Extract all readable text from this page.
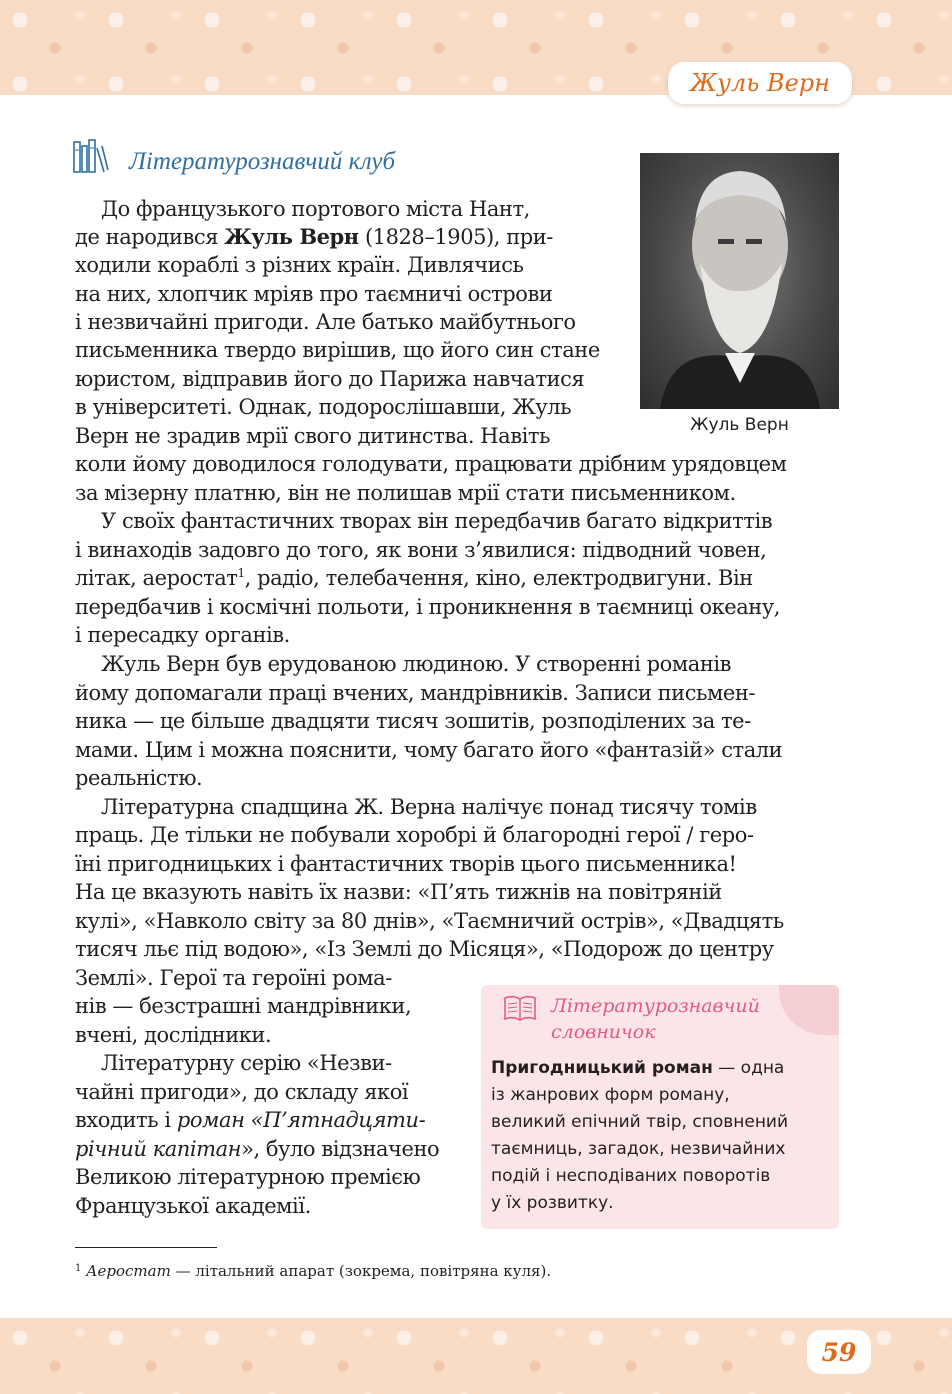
Жуль Верн
Літературознавчий клуб
Жуль Верн

До французького портового міста Нант,

де народився Жуль Верн (1828–1905), при-

ходили кораблі з різних країн. Дивлячись

на них, хлопчик мріяв про таємничі острови

і незвичайні пригоди. Але батько майбутнього

письменника твердо вирішив, що його син стане

юристом, відправив його до Парижа навчатися

в університеті. Однак, подорослішавши, Жуль

Верн не зрадив мрії свого дитинства. Навіть

коли йому доводилося голодувати, працювати дрібним урядовцем

за мізерну платню, він не полишав мрії стати письменником.

У своїх фантастичних творах він передбачив багато відкриттів

і винаходів задовго до того, як вони з’явилися: підводний човен,

літак, аеростат$^1$, радіо, телебачення, кіно, електродвигуни. Він

передбачив і космічні польоти, і проникнення в таємниці океану,

і пересадку органів.

Жуль Верн був ерудованою людиною. У створенні романів

йому допомагали праці вчених, мандрівників. Записи письмен-

ника — це більше двадцяти тисяч зошитів, розподілених за те-

мами. Цим і можна пояснити, чому багато його «фантазій» стали

реальністю.

Літературна спадщина Ж. Верна налічує понад тисячу томів

праць. Де тільки не побували хоробрі й благородні герої / геро-

їні пригодницьких і фантастичних творів цього письменника!

На це вказують навіть їх назви: «П’ять тижнів на повітряній

кулі», «Навколо світу за 80 днів», «Таємничий острів», «Двадцять

тисяч льє під водою», «Із Землі до Місяця», «Подорож до центру

Землі». Герої та героїні рома-

нів — безстрашні мандрівники,

вчені, дослідники.

Літературну серію «Незви-

чайні пригоди», до складу якої

входить і роман «П’ятнадцяти-

річний капітан», було відзначено

Великою літературною премією

Французької академії.

Літературознавчий
словничок
Пригодницький роман — одна
із жанрових форм роману,
великий епічний твір, сповнений
таємниць, загадок, незвичайних
подій і несподіваних поворотів
у їх розвитку.
$^1$ Аеростат — літальний апарат (зокрема, повітряна куля).
59
